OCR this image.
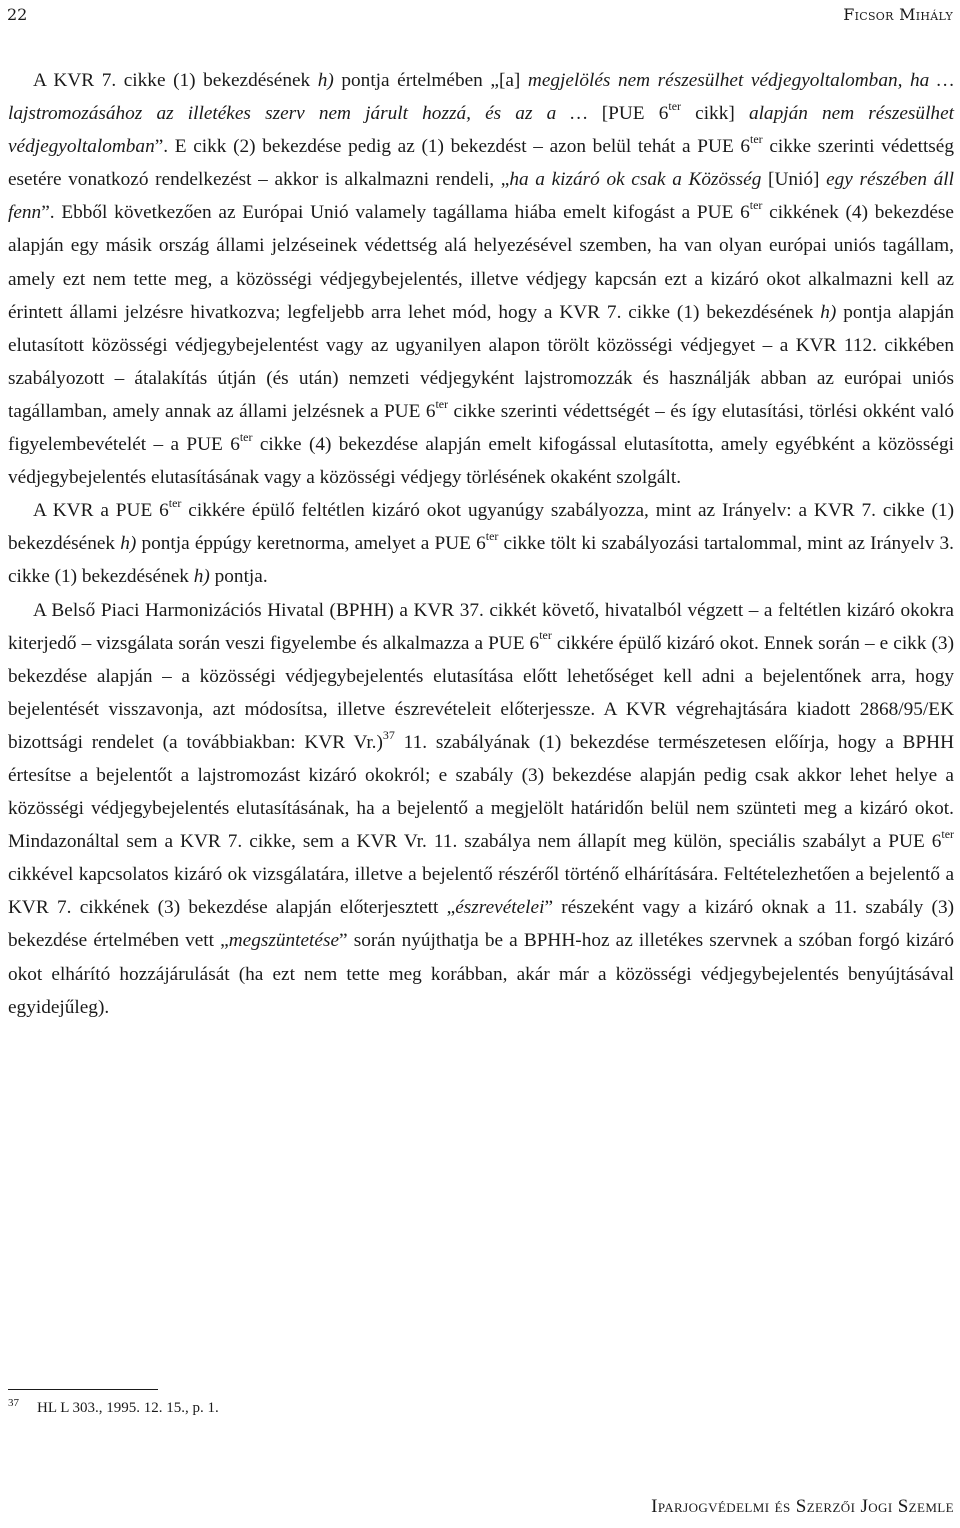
22	Ficsor Mihály

A KVR 7. cikke (1) bekezdésének h) pontja értelmében „[a] megjelölés nem részesülhet védjegyoltalomban, ha … lajstromozásához az illetékes szerv nem járult hozzá, és az a … [PUE $6^{ter}$ cikk] alapján nem részesülhet védjegyoltalomban”. E cikk (2) bekezdése pedig az (1) bekezdést – azon belül tehát a PUE $6^{ter}$ cikke szerinti védettség esetére vonatkozó rendelkezést – akkor is alkalmazni rendeli, „ha a kizáró ok csak a Közösség [Unió] egy részében áll fenn”. Ebből következően az Európai Unió valamely tagállama hiába emelt kifogást a PUE $6^{ter}$ cikkének (4) bekezdése alapján egy másik ország állami jelzéseinek védettség alá helyezésével szemben, ha van olyan európai uniós tagállam, amely ezt nem tette meg, a közösségi védjegybejelentés, illetve védjegy kapcsán ezt a kizáró okot alkalmazni kell az érintett állami jelzésre hivatkozva; legfeljebb arra lehet mód, hogy a KVR 7. cikke (1) bekezdésének h) pontja alapján elutasított közösségi védjegybejelentést vagy az ugyanilyen alapon törölt közösségi védjegyet – a KVR 112. cikkében szabályozott – átalakítás útján (és után) nemzeti védjegyként lajstromozzák és használják abban az európai uniós tagállamban, amely annak az állami jelzésnek a PUE $6^{ter}$ cikke szerinti védettségét – és így elutasítási, törlési okként való figyelembevételét – a PUE $6^{ter}$ cikke (4) bekezdése alapján emelt kifogással elutasította, amely egyébként a közösségi védjegybejelentés elutasításának vagy a közösségi védjegy törlésének okaként szolgált.

A KVR a PUE $6^{ter}$ cikkére épülő feltétlen kizáró okot ugyanúgy szabályozza, mint az Irányelv: a KVR 7. cikke (1) bekezdésének h) pontja éppúgy keretnorma, amelyet a PUE $6^{ter}$ cikke tölt ki szabályozási tartalommal, mint az Irányelv 3. cikke (1) bekezdésének h) pontja.

A Belső Piaci Harmonizációs Hivatal (BPHH) a KVR 37. cikkét követő, hivatalból végzett – a feltétlen kizáró okokra kiterjedő – vizsgálata során veszi figyelembe és alkalmazza a PUE $6^{ter}$ cikkére épülő kizáró okot. Ennek során – e cikk (3) bekezdése alapján – a közösségi védjegybejelentés elutasítása előtt lehetőséget kell adni a bejelentőnek arra, hogy bejelentését visszavonja, azt módosítsa, illetve észrevételeit előterjessze. A KVR végrehajtására kiadott 2868/95/EK bizottsági rendelet (a továbbiakban: KVR Vr.)$^{37}$ 11. szabályának (1) bekezdése természetesen előírja, hogy a BPHH értesítse a bejelentőt a lajstromozást kizáró okokról; e szabály (3) bekezdése alapján pedig csak akkor lehet helye a közösségi védjegybejelentés elutasításának, ha a bejelentő a megjelölt határidőn belül nem szünteti meg a kizáró okot. Mindazonáltal sem a KVR 7. cikke, sem a KVR Vr. 11. szabálya nem állapít meg külön, speciális szabályt a PUE $6^{ter}$ cikkével kapcsolatos kizáró ok vizsgálatára, illetve a bejelentő részéről történő elhárítására. Feltételezhetően a bejelentő a KVR 7. cikkének (3) bekezdése alapján előterjesztett „észrevételei” részeként vagy a kizáró oknak a 11. szabály (3) bekezdése értelmében vett „megszüntetése” során nyújthatja be a BPHH-hoz az illetékes szervnek a szóban forgó kizáró okot elhárító hozzájárulását (ha ezt nem tette meg korábban, akár már a közösségi védjegybejelentés benyújtásával egyidejűleg).

$^{37}$ HL L 303., 1995. 12. 15., p. 1.
Iparjogvédelmi és Szerzői Jogi Szemle
